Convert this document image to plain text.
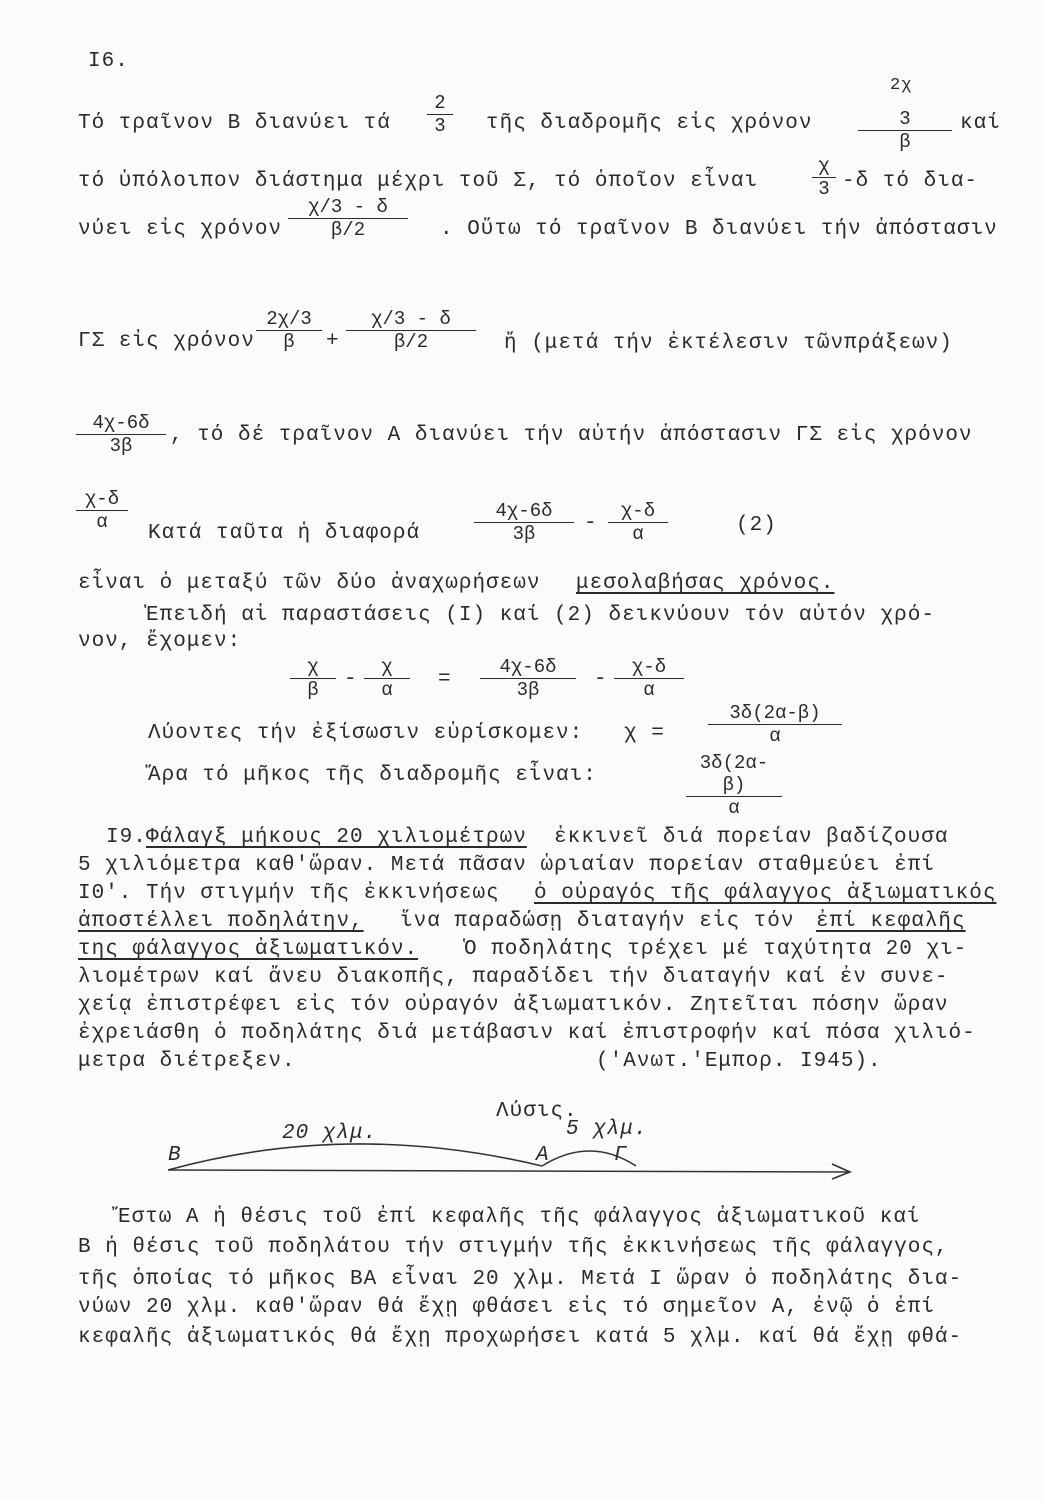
Ι6.
Τό τραῖνον Β διανύει τά $\frac{2}{3}$ τῆς διαδρομῆς εἰς χρόνον
2χ
$\frac{3}{\beta}$ καί
τό ὑπόλοιπον διάστημα μέχρι τοῦ Σ, τό ὁποῖον εἶναι	$\frac{\chi}{3} -\delta$ τό δια-
νύει εἰς χρόνον $\frac{\chi/3 - \delta}{\beta/2}$ . Οὕτω τό τραῖνον Β διανύει τήν ἀπόστασιν
ΓΣ εἰς χρόνον $\frac{2\chi/3}{\beta} + \frac{\chi/3 - \delta}{\beta/2}$ ἤ (μετά τήν ἐκτέλεσιν τῶνπράξεων)
$\frac{4\chi-6\delta}{3\beta}$ , τό δέ τραῖνον Α διανύει τήν αὐτήν ἀπόστασιν ΓΣ εἰς χρόνον
$\frac{\chi-\delta}{\alpha}$
Κατά ταῦτα ἡ διαφορά	$\frac{4\chi-6\delta}{3\beta} - \frac{\chi-\delta}{\alpha}$	(2)
εἶναι ὁ μεταξύ τῶν δύο ἀναχωρήσεων μεσολαβήσας χρόνος.
Ἐπειδή αἱ παραστάσεις (Ι) καί (2) δεικνύουν τόν αὐτόν χρό-
νον, ἔχομεν:
$\frac{\chi}{\beta} - \frac{\chi}{\alpha} = \frac{4\chi-6\delta}{3\beta} - \frac{\chi-\delta}{\alpha}$
Λύοντες τήν ἐξίσωσιν εὑρίσκομεν: $\chi = \frac{3\delta(2\alpha-\beta)}{\alpha}$
Ἄρα τό μῆκος τῆς διαδρομῆς εἶναι:	$\frac{3\delta(2\alpha-\beta)}{\alpha}$
Ι9. Φάλαγξ μήκους 20 χιλιομέτρων ἐκκινεῖ διά πορείαν βαδίζουσα
5 χιλιόμετρα καθ'ὥραν. Μετά πᾶσαν ὡριαίαν πορείαν σταθμεύει ἐπί
Ι0'. Τήν στιγμήν τῆς ἐκκινήσεως ὁ οὐραγός τῆς φάλαγγος ἀξιωματικός
ἀποστέλλει ποδηλάτην, ἵνα παραδώσῃ διαταγήν εἰς τόν ἐπί κεφαλῆς
της φάλαγγος ἀξιωματικόν. Ὁ ποδηλάτης τρέχει μέ ταχύτητα 20 χι-
λιομέτρων καί ἄνευ διακοπῆς, παραδίδει τήν διαταγήν καί ἐν συνε-
χείᾳ ἐπιστρέφει εἰς τόν οὐραγόν ἀξιωματικόν. Ζητεῖται πόσην ὥραν
ἐχρειάσθη ὁ ποδηλάτης διά μετάβασιν καί ἐπιστροφήν καί πόσα χιλιό-
μετρα διέτρεξεν.	('Ανωτ.'Εμπορ. Ι945).
Λύσις.
Β
20 χλμ.
Α
5 χλμ.
Γ
Ἔστω Α ἡ θέσις τοῦ ἐπί κεφαλῆς τῆς φάλαγγος ἀξιωματικοῦ καί
Β ἡ θέσις τοῦ ποδηλάτου τήν στιγμήν τῆς ἐκκινήσεως τῆς φάλαγγος,
τῆς ὁποίας τό μῆκος ΒΑ εἶναι 20 χλμ. Μετά Ι ὥραν ὁ ποδηλάτης δια-
νύων 20 χλμ. καθ'ὥραν θά ἔχῃ φθάσει εἰς τό σημεῖον Α, ἐνῷ ὁ ἐπί
κεφαλῆς ἀξιωματικός θά ἔχῃ προχωρήσει κατά 5 χλμ. καί θά ἔχῃ φθά-
